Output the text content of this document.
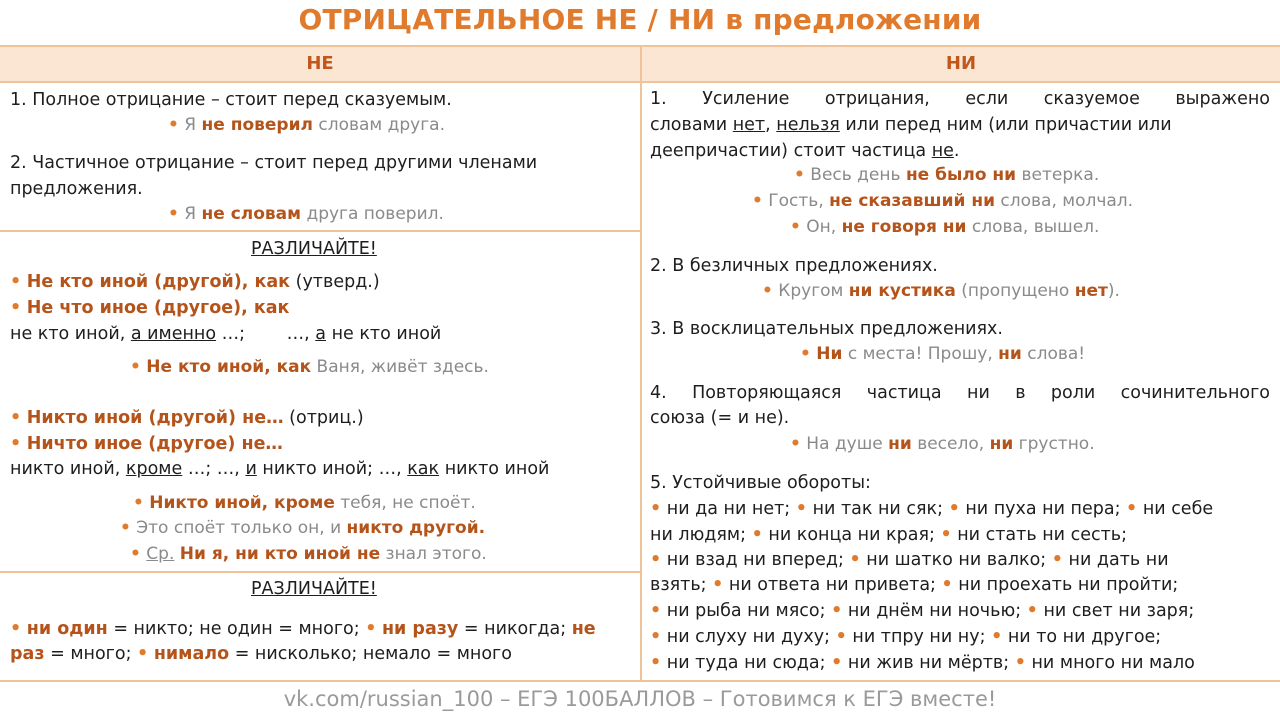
ОТРИЦАТЕЛЬНОЕ НЕ / НИ в предложении
НЕ	НИ
1. Полное отрицание – стоит перед сказуемым.
• Я не поверил словам друга.
2. Частичное отрицание – стоит перед другими членами
предложения.
• Я не словам друга поверил.
РАЗЛИЧАЙТЕ!
• Не кто иной (другой), как (утверд.)
• Не что иное (другое), как
не кто иной, а именно …; …, а не кто иной
• Не кто иной, как Ваня, живёт здесь.
• Никто иной (другой) не… (отриц.)
• Ничто иное (другое) не…
никто иной, кроме …; …, и никто иной; …, как никто иной
• Никто иной, кроме тебя, не споёт.
• Это споёт только он, и никто другой.
• Ср. Ни я, ни кто иной не знал этого.
РАЗЛИЧАЙТЕ!
• ни один = никто; не один = много; • ни разу = никогда; не
раз = много; • нимало = нисколько; немало = много
1. Усиление отрицания, если сказуемое выражено
словами нет, нельзя или перед ним (или причастии или
деепричастии) стоит частица не.
• Весь день не было ни ветерка.
• Гость, не сказавший ни слова, молчал.
• Он, не говоря ни слова, вышел.
2. В безличных предложениях.
• Кругом ни кустика (пропущено нет).
3. В восклицательных предложениях.
• Ни с места! Прошу, ни слова!
4. Повторяющаяся частица ни в роли сочинительного
союза (= и не).
• На душе ни весело, ни грустно.
5. Устойчивые обороты:
• ни да ни нет; • ни так ни сяк; • ни пуха ни пера; • ни себе
ни людям; • ни конца ни края; • ни стать ни сесть;
• ни взад ни вперед; • ни шатко ни валко; • ни дать ни
взять; • ни ответа ни привета; • ни проехать ни пройти;
• ни рыба ни мясо; • ни днём ни ночью; • ни свет ни заря;
• ни слуху ни духу; • ни тпру ни ну; • ни то ни другое;
• ни туда ни сюда; • ни жив ни мёртв; • ни много ни мало
vk.com/russian_100 – ЕГЭ 100БАЛЛОВ – Готовимся к ЕГЭ вместе!
